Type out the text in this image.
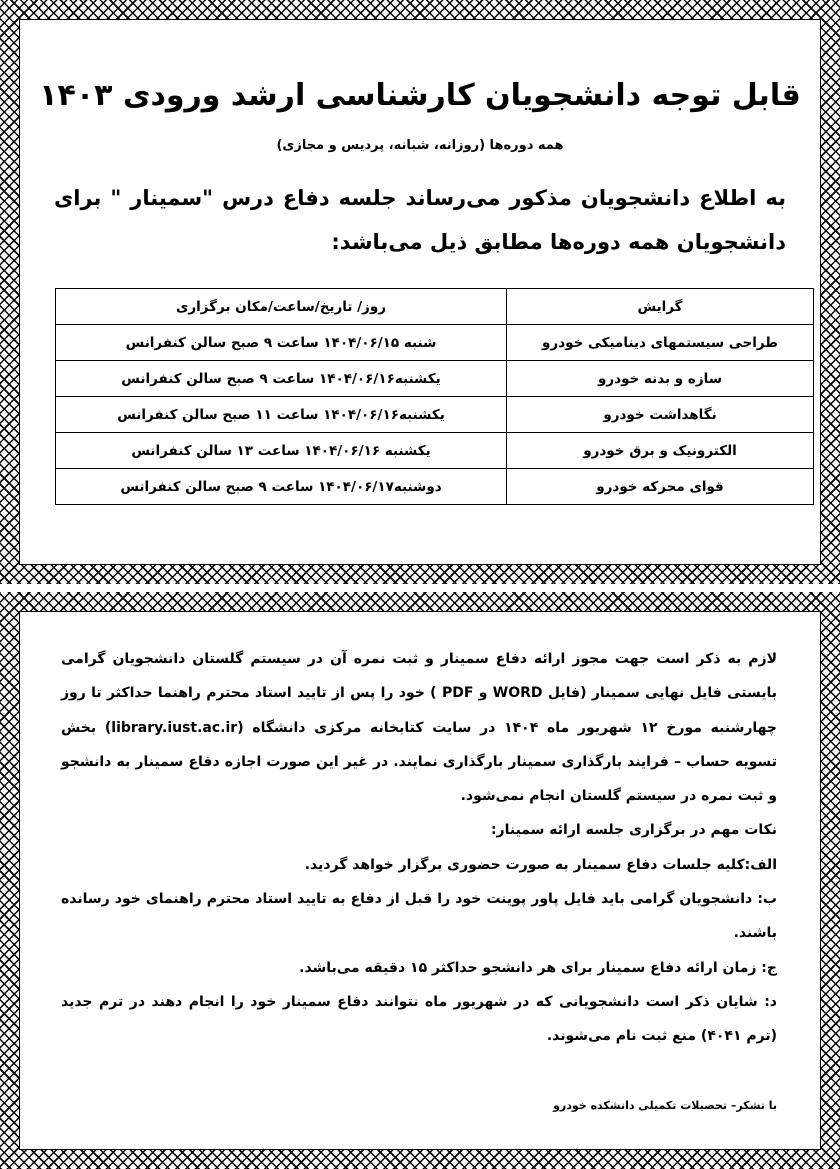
قابل توجه دانشجویان کارشناسی ارشد ورودی ۱۴۰۳
همه دوره‌ها (روزانه، شبانه، پردیس و مجازی)
به اطلاع دانشجویان مذکور می‌رساند جلسه دفاع درس "سمینار " برای دانشجویان همه دوره‌ها مطابق ذیل می‌باشد:
گرایش	روز/ تاریخ/ساعت/مکان برگزاری
طراحی سیستمهای دینامیکی خودرو	شنبه ۱۴۰۴/۰۶/۱۵ ساعت ۹ صبح سالن کنفرانس
سازه و بدنه خودرو	یکشنبه۱۴۰۴/۰۶/۱۶ ساعت ۹ صبح سالن کنفرانس
نگاهداشت خودرو	یکشنبه۱۴۰۴/۰۶/۱۶ ساعت ۱۱ صبح سالن کنفرانس
الکترونیک و برق خودرو	یکشنبه ۱۴۰۴/۰۶/۱۶ ساعت ۱۳ سالن کنفرانس
قوای محرکه خودرو	دوشنبه۱۴۰۴/۰۶/۱۷ ساعت ۹ صبح سالن کنفرانس

لازم به ذکر است جهت مجوز ارائه دفاع سمینار و ثبت نمره آن در سیستم گلستان دانشجویان گرامی بایستی فایل نهایی سمینار (فایل WORD و PDF ) خود را پس از تایید استاد محترم راهنما حداکثر تا روز چهارشنبه مورخ ۱۲ شهریور ماه ۱۴۰۴ در سایت کتابخانه مرکزی دانشگاه (library.iust.ac.ir) بخش تسویه حساب – فرایند بارگذاری سمینار بارگذاری نمایند. در غیر این صورت اجازه دفاع سمینار به دانشجو و ثبت نمره در سیستم گلستان انجام نمی‌شود.

نکات مهم در برگزاری جلسه ارائه سمینار:

الف:کلیه جلسات دفاع سمینار به صورت حضوری برگزار خواهد گردید.

ب: دانشجویان گرامی باید فایل پاور پوینت خود را قبل از دفاع به تایید استاد محترم راهنمای خود رسانده باشند.

ج: زمان ارائه دفاع سمینار برای هر دانشجو حداکثر ۱۵ دقیقه می‌باشد.

د: شایان ذکر است دانشجویانی که در شهریور ماه نتوانند دفاع سمینار خود را انجام دهند در ترم جدید (ترم ۴۰۴۱) منع ثبت نام می‌شوند.

با تشکر– تحصیلات تکمیلی دانشکده خودرو
